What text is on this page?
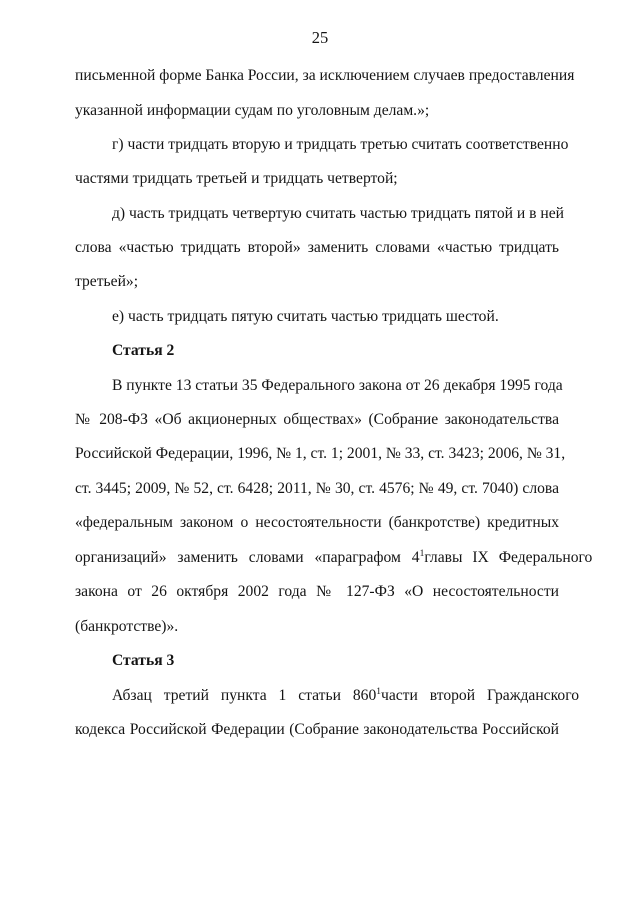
25
письменной форме Банка России, за исключением случаев предоставления
указанной информации судам по уголовным делам.»;
г) части тридцать вторую и тридцать третью считать соответственно
частями тридцать третьей и тридцать четвертой;
д) часть тридцать четвертую считать частью тридцать пятой и в ней
слова «частью тридцать второй» заменить словами «частью тридцать
третьей»;
е) часть тридцать пятую считать частью тридцать шестой.
Статья 2
В пункте 13 статьи 35 Федерального закона от 26 декабря 1995 года
№ 208-ФЗ «Об акционерных обществах» (Собрание законодательства
Российской Федерации, 1996, № 1, ст. 1; 2001, № 33, ст. 3423; 2006, № 31,
ст. 3445; 2009, № 52, ст. 6428; 2011, № 30, ст. 4576; № 49, ст. 7040) слова
«федеральным законом о несостоятельности (банкротстве) кредитных
организаций» заменить словами «параграфом 4 $^1$ главы IX Федерального
закона от 26 октября 2002 года № 127-ФЗ «О несостоятельности
(банкротстве)».
Статья 3
Абзац третий пункта 1 статьи 860 $^1$ части второй Гражданского
кодекса Российской Федерации (Собрание законодательства Российской
